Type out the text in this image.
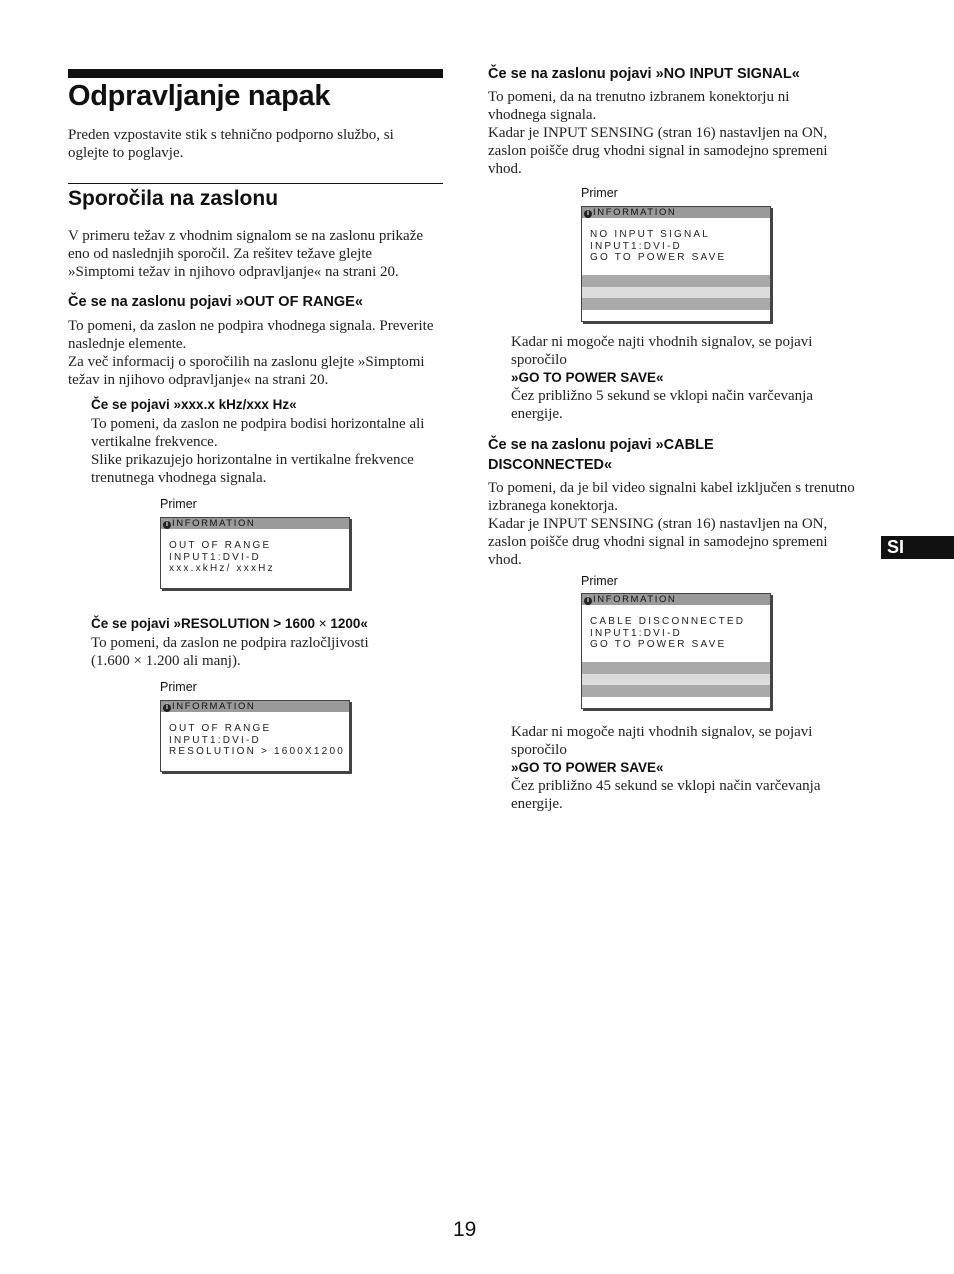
Odpravljanje napak
Preden vzpostavite stik s tehnično podporno službo, si
oglejte to poglavje.
Sporočila na zaslonu
V primeru težav z vhodnim signalom se na zaslonu prikaže
eno od naslednjih sporočil. Za rešitev težave glejte
»Simptomi težav in njihovo odpravljanje« na strani 20.
Če se na zaslonu pojavi »OUT OF RANGE«
To pomeni, da zaslon ne podpira vhodnega signala. Preverite
naslednje elemente.
Za več informacij o sporočilih na zaslonu glejte »Simptomi
težav in njihovo odpravljanje« na strani 20.
Če se pojavi »xxx.x kHz/xxx Hz«
To pomeni, da zaslon ne podpira bodisi horizontalne ali
vertikalne frekvence.
Slike prikazujejo horizontalne in vertikalne frekvence
trenutnega vhodnega signala.
Primer
i INFORMATION
OUT OF RANGE
INPUT1:DVI-D
xxx.xkHz/ xxxHz
Če se pojavi »RESOLUTION > 1600 × 1200«
To pomeni, da zaslon ne podpira razločljivosti
(1.600 × 1.200 ali manj).
Primer
i INFORMATION
OUT OF RANGE
INPUT1:DVI-D
RESOLUTION > 1600X1200
Če se na zaslonu pojavi »NO INPUT SIGNAL«
To pomeni, da na trenutno izbranem konektorju ni
vhodnega signala.
Kadar je INPUT SENSING (stran 16) nastavljen na ON,
zaslon poišče drug vhodni signal in samodejno spremeni
vhod.
Primer
i INFORMATION
NO INPUT SIGNAL
INPUT1:DVI-D
GO TO POWER SAVE
Kadar ni mogoče najti vhodnih signalov, se pojavi
sporočilo
»GO TO POWER SAVE«
Čez približno 5 sekund se vklopi način varčevanja
energije.
Če se na zaslonu pojavi »CABLE
DISCONNECTED«
To pomeni, da je bil video signalni kabel izključen s trenutno
izbranega konektorja.
Kadar je INPUT SENSING (stran 16) nastavljen na ON,
zaslon poišče drug vhodni signal in samodejno spremeni
vhod.
SI
Primer
i INFORMATION
CABLE DISCONNECTED
INPUT1:DVI-D
GO TO POWER SAVE
Kadar ni mogoče najti vhodnih signalov, se pojavi
sporočilo
»GO TO POWER SAVE«
Čez približno 45 sekund se vklopi način varčevanja
energije.
19
